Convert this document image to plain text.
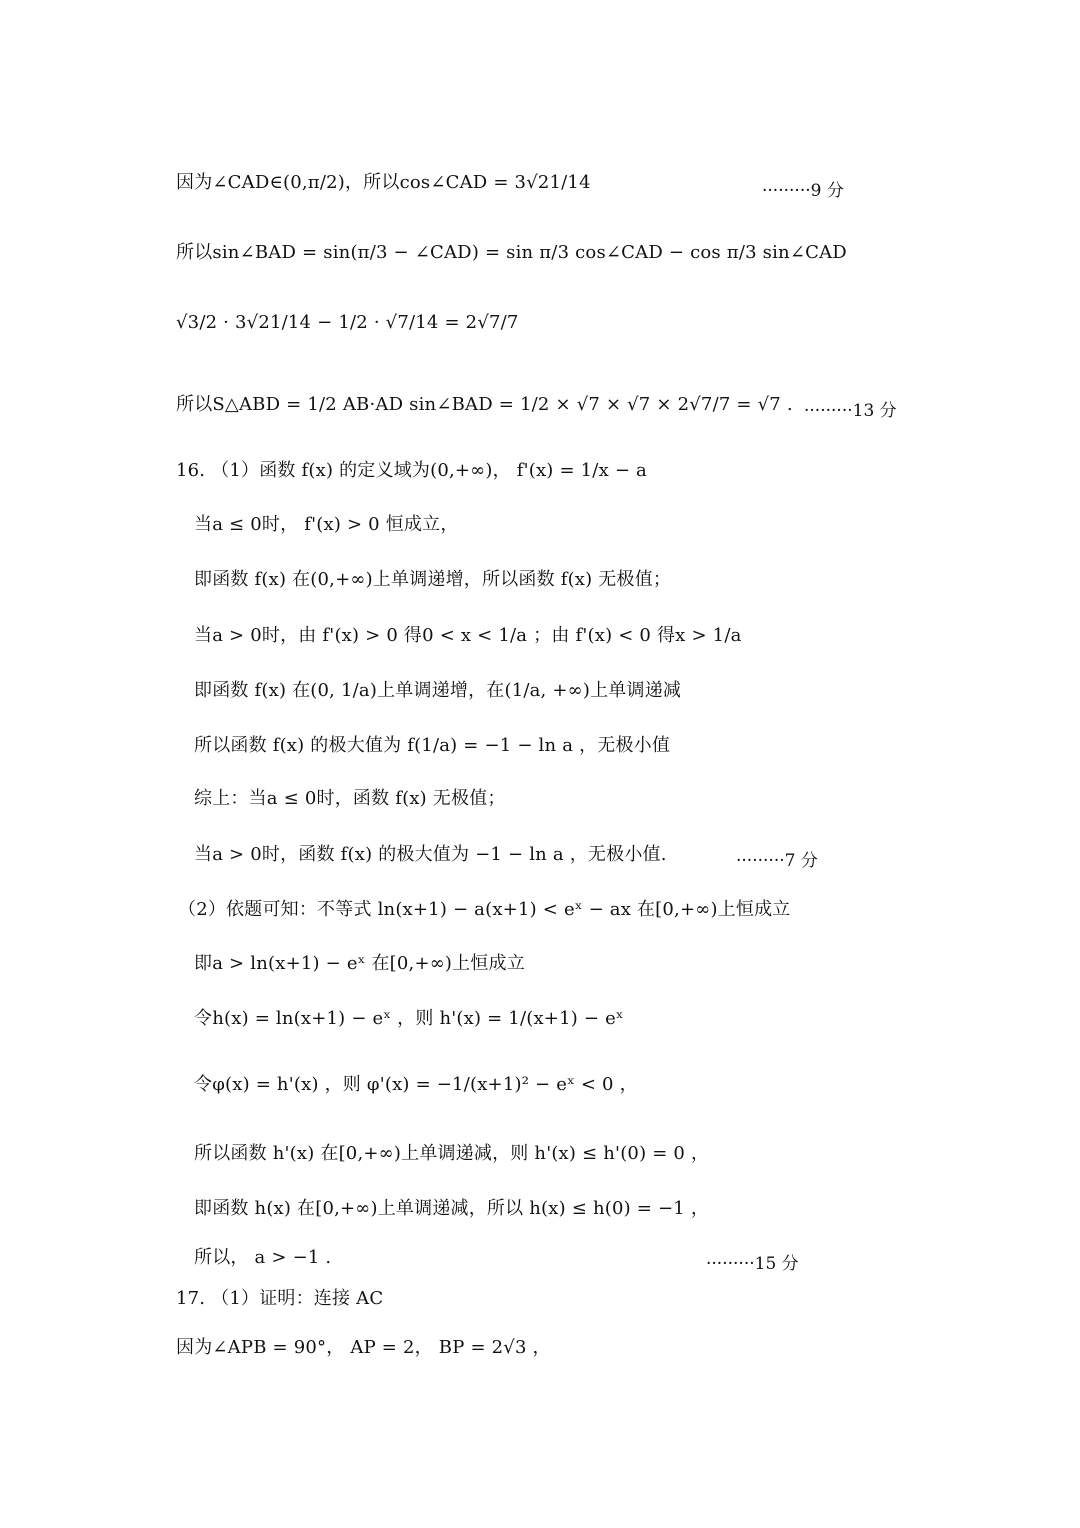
因为∠CAD∈(0,π/2)，所以cos∠CAD = 3√21/14	·········9 分
所以sin∠BAD = sin(π/3 − ∠CAD) = sin π/3 cos∠CAD − cos π/3 sin∠CAD
√3/2 · 3√21/14 − 1/2 · √7/14 = 2√7/7
所以S△ABD = 1/2 AB·AD sin∠BAD = 1/2 × √7 × √7 × 2√7/7 = √7 . ·········13 分
16. （1）函数 f(x) 的定义域为(0,+∞)， f'(x) = 1/x − a
当a ≤ 0时， f'(x) > 0 恒成立，
即函数 f(x) 在(0,+∞)上单调递增，所以函数 f(x) 无极值；
当a > 0时，由 f'(x) > 0 得0 < x < 1/a ；由 f'(x) < 0 得x > 1/a
即函数 f(x) 在(0, 1/a)上单调递增，在(1/a, +∞)上单调递减
所以函数 f(x) 的极大值为 f(1/a) = −1 − ln a ，无极小值
综上：当a ≤ 0时，函数 f(x) 无极值；
当a > 0时，函数 f(x) 的极大值为 −1 − ln a ，无极小值.	·········7 分
（2）依题可知：不等式 ln(x+1) − a(x+1) < eˣ − ax 在[0,+∞)上恒成立
即a > ln(x+1) − eˣ 在[0,+∞)上恒成立
令h(x) = ln(x+1) − eˣ ，则 h'(x) = 1/(x+1) − eˣ
令φ(x) = h'(x) ，则 φ'(x) = −1/(x+1)² − eˣ < 0 ，
所以函数 h'(x) 在[0,+∞)上单调递减，则 h'(x) ≤ h'(0) = 0 ，
即函数 h(x) 在[0,+∞)上单调递减，所以 h(x) ≤ h(0) = −1 ，
所以， a > −1 .	·········15 分
17. （1）证明：连接 AC
因为∠APB = 90°， AP = 2， BP = 2√3 ，
